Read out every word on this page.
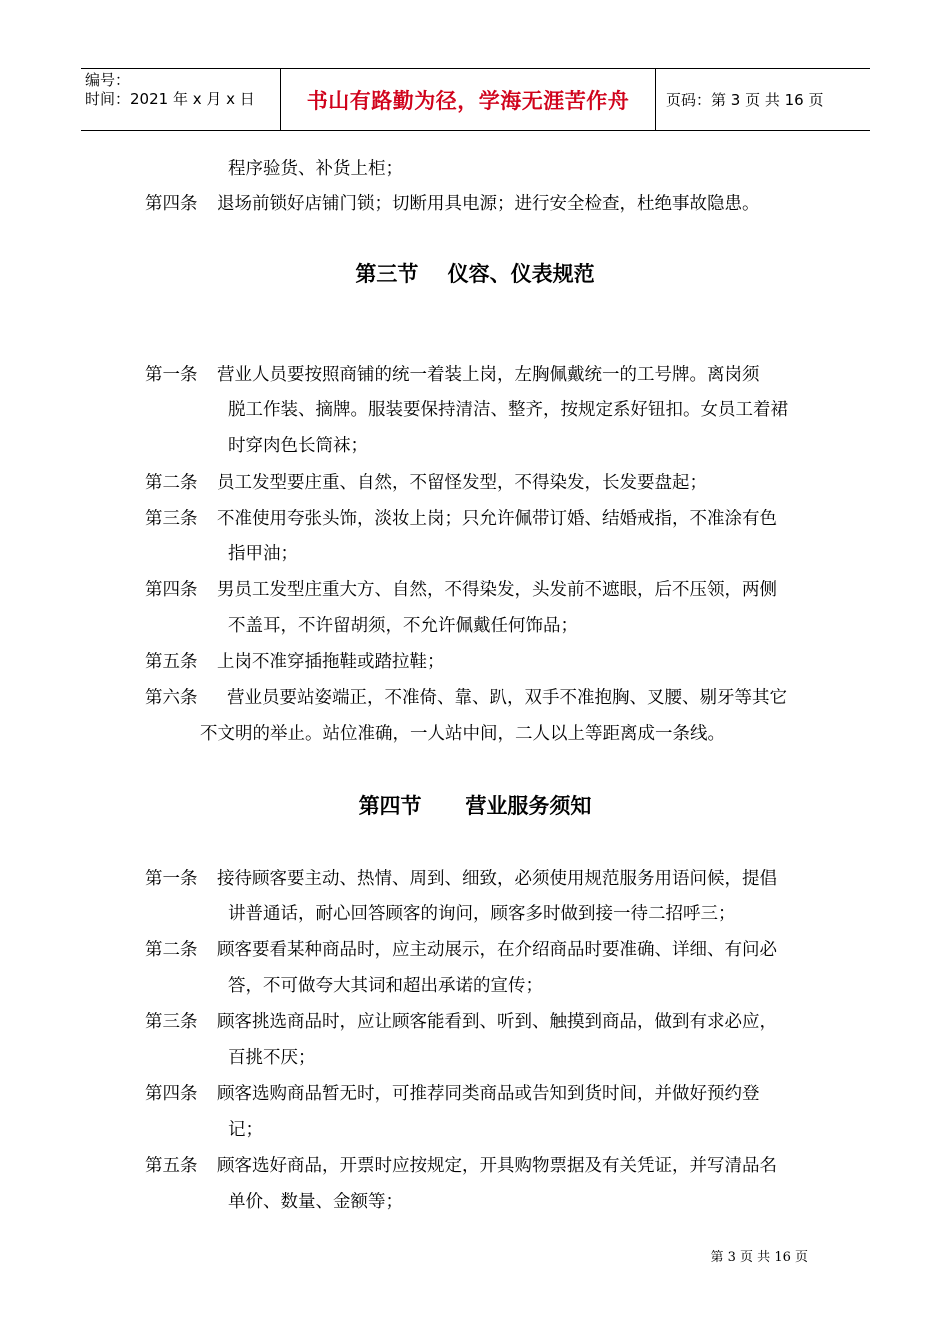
编号：
时间：2021 年 x 月 x 日	书山有路勤为径，学海无涯苦作舟	页码：第 3 页 共 16 页
程序验货、补货上柜；
第四条 退场前锁好店铺门锁；切断用具电源；进行安全检查，杜绝事故隐患。
第三节    仪容、仪表规范
第一条 营业人员要按照商铺的统一着装上岗，左胸佩戴统一的工号牌。离岗须
脱工作装、摘牌。服装要保持清洁、整齐，按规定系好钮扣。女员工着裙
时穿肉色长筒袜；
第二条 员工发型要庄重、自然，不留怪发型，不得染发，长发要盘起；
第三条 不准使用夸张头饰，淡妆上岗；只允许佩带订婚、结婚戒指，不准涂有色
指甲油；
第四条 男员工发型庄重大方、自然，不得染发，头发前不遮眼，后不压领，两侧
不盖耳，不许留胡须，不允许佩戴任何饰品；
第五条 上岗不准穿插拖鞋或踏拉鞋；
第六条 营业员要站姿端正，不准倚、靠、趴，双手不准抱胸、叉腰、剔牙等其它
不文明的举止。站位准确，一人站中间，二人以上等距离成一条线。
第四节      营业服务须知
第一条 接待顾客要主动、热情、周到、细致，必须使用规范服务用语问候，提倡
讲普通话，耐心回答顾客的询问，顾客多时做到接一待二招呼三；
第二条 顾客要看某种商品时，应主动展示，在介绍商品时要准确、详细、有问必
答，不可做夸大其词和超出承诺的宣传；
第三条 顾客挑选商品时，应让顾客能看到、听到、触摸到商品，做到有求必应，
百挑不厌；
第四条 顾客选购商品暂无时，可推荐同类商品或告知到货时间，并做好预约登
记；
第五条 顾客选好商品，开票时应按规定，开具购物票据及有关凭证，并写清品名
单价、数量、金额等；
第 3 页 共 16 页
